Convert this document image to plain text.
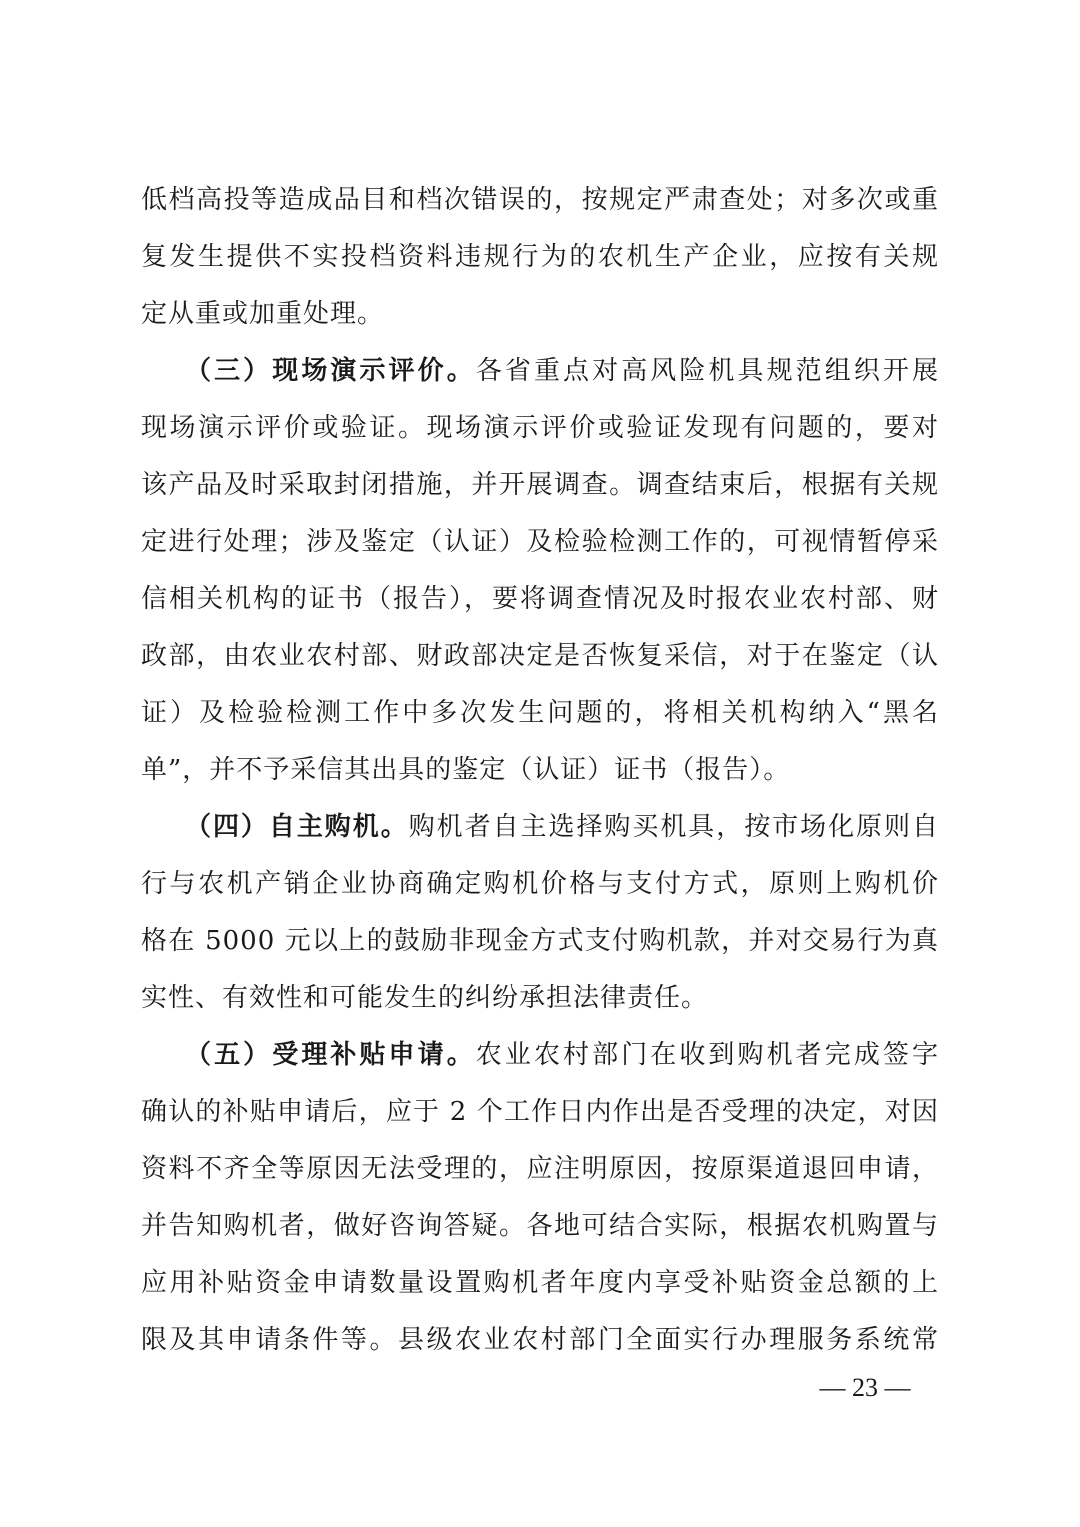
低档高投等造成品目和档次错误的，按规定严肃查处；对多次或重
复发生提供不实投档资料违规行为的农机生产企业，应按有关规
定从重或加重处理。
（三）现场演示评价。各省重点对高风险机具规范组织开展
现场演示评价或验证。现场演示评价或验证发现有问题的，要对
该产品及时采取封闭措施，并开展调查。调查结束后，根据有关规
定进行处理；涉及鉴定（认证）及检验检测工作的，可视情暂停采
信相关机构的证书（报告），要将调查情况及时报农业农村部、财
政部，由农业农村部、财政部决定是否恢复采信，对于在鉴定（认
证）及检验检测工作中多次发生问题的，将相关机构纳入“黑名
单”，并不予采信其出具的鉴定（认证）证书（报告）。
（四）自主购机。购机者自主选择购买机具，按市场化原则自
行与农机产销企业协商确定购机价格与支付方式，原则上购机价
格在 5000 元以上的鼓励非现金方式支付购机款，并对交易行为真
实性、有效性和可能发生的纠纷承担法律责任。
（五）受理补贴申请。农业农村部门在收到购机者完成签字
确认的补贴申请后，应于 2 个工作日内作出是否受理的决定，对因
资料不齐全等原因无法受理的，应注明原因，按原渠道退回申请，
并告知购机者，做好咨询答疑。各地可结合实际，根据农机购置与
应用补贴资金申请数量设置购机者年度内享受补贴资金总额的上
限及其申请条件等。县级农业农村部门全面实行办理服务系统常
— 23 —
